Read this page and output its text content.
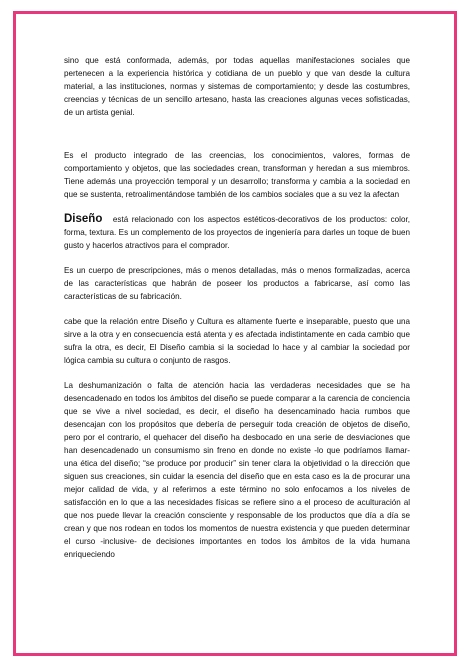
sino que está conformada, además, por todas aquellas manifestaciones sociales que pertenecen a la experiencia histórica y cotidiana de un pueblo y que van desde la cultura material, a las instituciones, normas y sistemas de comportamiento; y desde las costumbres, creencias y técnicas de un sencillo artesano, hasta las creaciones algunas veces sofisticadas, de un artista genial.

Es el producto integrado de las creencias, los conocimientos, valores, formas de comportamiento y objetos, que las sociedades crean, transforman y heredan a sus miembros. Tiene además una proyección temporal y un desarrollo; transforma y cambia a la sociedad en que se sustenta, retroalimentándose también de los cambios sociales que a su vez la afectan

Diseño está relacionado con los aspectos estéticos-decorativos de los productos: color, forma, textura. Es un complemento de los proyectos de ingeniería para darles un toque de buen gusto y hacerlos atractivos para el comprador.

Es un cuerpo de prescripciones, más o menos detalladas, más o menos formalizadas, acerca de las características que habrán de poseer los productos a fabricarse, así como las características de su fabricación.

cabe que la relación entre Diseño y Cultura es altamente fuerte e inseparable, puesto que una sirve a la otra y en consecuencia está atenta y es afectada indistintamente en cada cambio que sufra la otra, es decir, El Diseño cambia si la sociedad lo hace y al cambiar la sociedad por lógica cambia su cultura o conjunto de rasgos.

La deshumanización o falta de atención hacia las verdaderas necesidades que se ha desencadenado en todos los ámbitos del diseño se puede comparar a la carencia de conciencia que se vive a nivel sociedad, es decir, el diseño ha desencaminado hacia rumbos que desencajan con los propósitos que debería de perseguir toda creación de objetos de diseño, pero por el contrario, el quehacer del diseño ha desbocado en una serie de desviaciones que han desencadenado un consumismo sin freno en donde no existe -lo que podríamos llamar- una ética del diseño; “se produce por producir” sin tener clara la objetividad o la dirección que siguen sus creaciones, sin cuidar la esencia del diseño que en esta caso es la de procurar una mejor calidad de vida, y al referirnos a este término no solo enfocamos a los niveles de satisfacción en lo que a las necesidades físicas se refiere sino a el proceso de aculturación al que nos puede llevar la creación consciente y responsable de los productos que día a día se crean y que nos rodean en todos los momentos de nuestra existencia y que pueden determinar el curso -inclusive- de decisiones importantes en todos los ámbitos de la vida humana enriqueciendo
